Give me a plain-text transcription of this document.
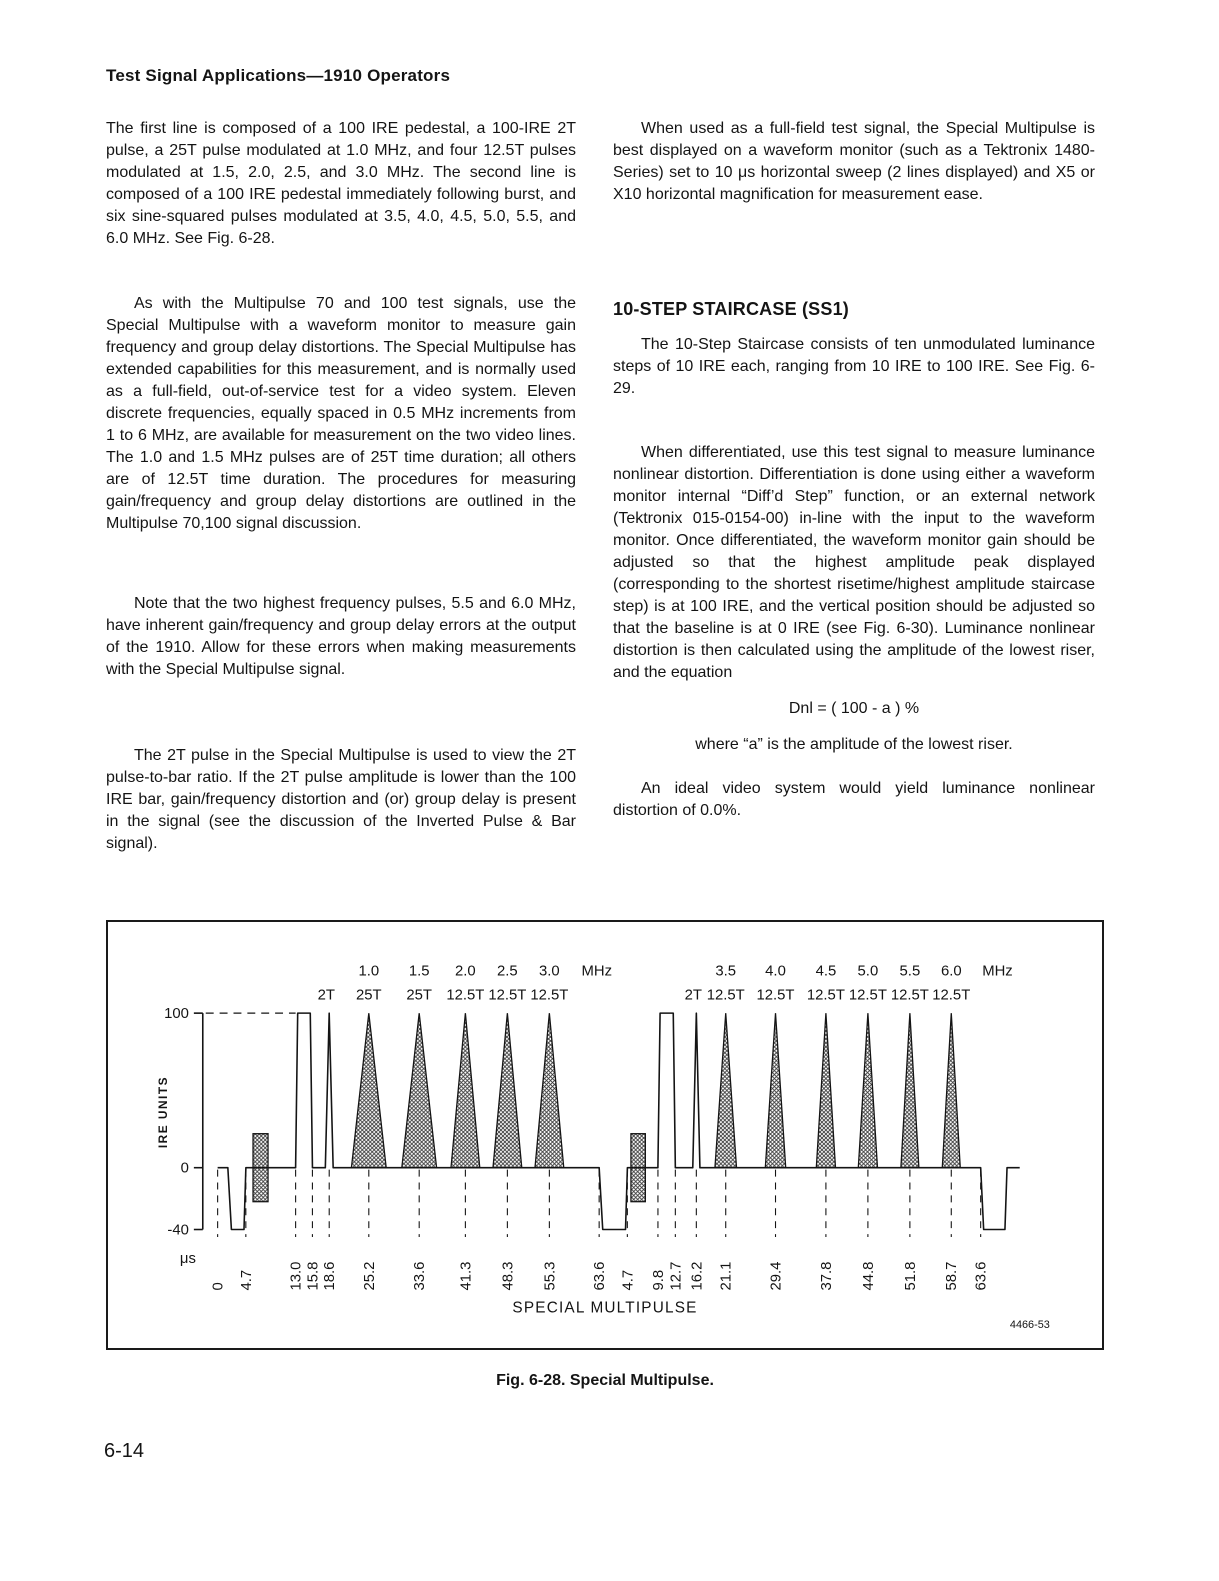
Test Signal Applications—1910 Operators

The first line is composed of a 100 IRE pedestal, a 100-IRE 2T pulse, a 25T pulse modulated at 1.0 MHz, and four 12.5T pulses modulated at 1.5, 2.0, 2.5, and 3.0 MHz. The second line is composed of a 100 IRE pedestal immediately following burst, and six sine-squared pulses modulated at 3.5, 4.0, 4.5, 5.0, 5.5, and 6.0 MHz. See Fig. 6-28.

As with the Multipulse 70 and 100 test signals, use the Special Multipulse with a waveform monitor to measure gain frequency and group delay distortions. The Special Multipulse has extended capabilities for this measurement, and is normally used as a full-field, out-of-service test for a video system. Eleven discrete frequencies, equally spaced in 0.5 MHz increments from 1 to 6 MHz, are available for measurement on the two video lines. The 1.0 and 1.5 MHz pulses are of 25T time duration; all others are of 12.5T time duration. The procedures for measuring gain/frequency and group delay distortions are outlined in the Multipulse 70,100 signal discussion.

Note that the two highest frequency pulses, 5.5 and 6.0 MHz, have inherent gain/frequency and group delay errors at the output of the 1910. Allow for these errors when making measurements with the Special Multipulse signal.

The 2T pulse in the Special Multipulse is used to view the 2T pulse-to-bar ratio. If the 2T pulse amplitude is lower than the 100 IRE bar, gain/frequency distortion and (or) group delay is present in the signal (see the discussion of the Inverted Pulse & Bar signal).

When used as a full-field test signal, the Special Multipulse is best displayed on a waveform monitor (such as a Tektronix 1480-Series) set to 10 μs horizontal sweep (2 lines displayed) and X5 or X10 horizontal magnification for measurement ease.

10-STEP STAIRCASE (SS1)

The 10-Step Staircase consists of ten unmodulated luminance steps of 10 IRE each, ranging from 10 IRE to 100 IRE. See Fig. 6-29.

When differentiated, use this test signal to measure luminance nonlinear distortion. Differentiation is done using either a waveform monitor internal “Diff’d Step” function, or an external network (Tektronix 015-0154-00) in-line with the input to the waveform monitor. Once differentiated, the waveform monitor gain should be adjusted so that the highest amplitude peak displayed (corresponding to the shortest risetime/highest amplitude staircase step) is at 100 IRE, and the vertical position should be adjusted so that the baseline is at 0 IRE (see Fig. 6-30). Luminance nonlinear distortion is then calculated using the amplitude of the lowest riser, and the equation

Dnl = ( 100 - a ) %

where “a” is the amplitude of the lowest riser.

An ideal video system would yield luminance nonlinear distortion of 0.0%.

100
0
-40
IRE UNITS
μs
0 4.7 13.0 15.8 18.6 25.2 33.6 41.3 48.3 55.3 63.6
2T
1.0
25T
1.5
25T
2.0
12.5T
2.5
12.5T
3.0
12.5T
MHz
4.7 9.8 12.7 16.2 21.1 29.4 37.8 44.8 51.8 58.7 63.6
2T
3.5
12.5T
4.0
12.5T
4.5
12.5T
5.0
12.5T
5.5
12.5T
6.0
12.5T
MHz
SPECIAL MULTIPULSE
4466-53
Fig. 6-28. Special Multipulse.
6-14
